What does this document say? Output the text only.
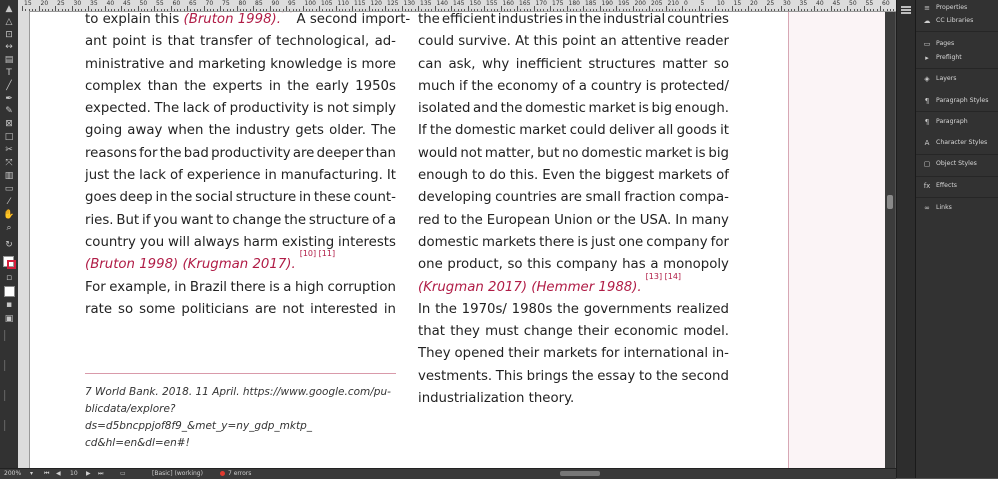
▲
△
⊡
↔
▤
T
╱
✒
✎
⊠
□
✂
⤧
▥
▭
⁄
✋
⌕
↻
▫
▪
▣
───
───
───
───
15 20 25 30 35 40 45 50 55 60 65 70 75 80 85 90 95 100 105 110 115 120 125 130 135 140 145 150 155 160 165 170 175 180 185 190 195 200 205 210 0 5 10 15 20 25 30 35 40 45 50 55 60
to explain this (Bruton 1998). A second import-
ant point is that transfer of technological, ad-
ministrative and marketing knowledge is more
complex than the experts in the early 1950s
expected. The lack of productivity is not simply
going away when the industry gets older. The
reasons for the bad productivity are deeper than
just the lack of experience in manufacturing. It
goes deep in the social structure in these count-
ries. But if you want to change the structure of a
country you will always harm existing interests
(Bruton 1998) (Krugman 2017).
[10] [11]
For example, in Brazil there is a high corruption
rate so some politicians are not interested in
the efficient industries in the industrial countries
could survive. At this point an attentive reader
can ask, why inefficient structures matter so
much if the economy of a country is protected/
isolated and the domestic market is big enough.
If the domestic market could deliver all goods it
would not matter, but no domestic market is big
enough to do this. Even the biggest markets of
developing countries are small fraction compa-
red to the European Union or the USA. In many
domestic markets there is just one company for
one product, so this company has a monopoly
(Krugman 2017) (Hemmer 1988).
[13] [14]
In the 1970s/ 1980s the governments realized
that they must change their economic model.
They opened their markets for international in-
vestments. This brings the essay to the second
industrialization theory.
7 World Bank. 2018. 11 April. https://www.google.com/pu-
blicdata/explore?ds=d5bncppjof8f9_&met_y=ny_gdp_mktp_
cd&hl=en&dl=en#!
≡ Properties
☁ CC Libraries
▭ Pages
▸	Preflight
◈	Layers
¶	Paragraph Styles
¶	Paragraph
A	Character Styles
▢ Object Styles
fx Effects
∞ Links
200% ▾ ⏮ ◀ 10 ▶ ⏭	▭	[Basic] (working)	7 errors
